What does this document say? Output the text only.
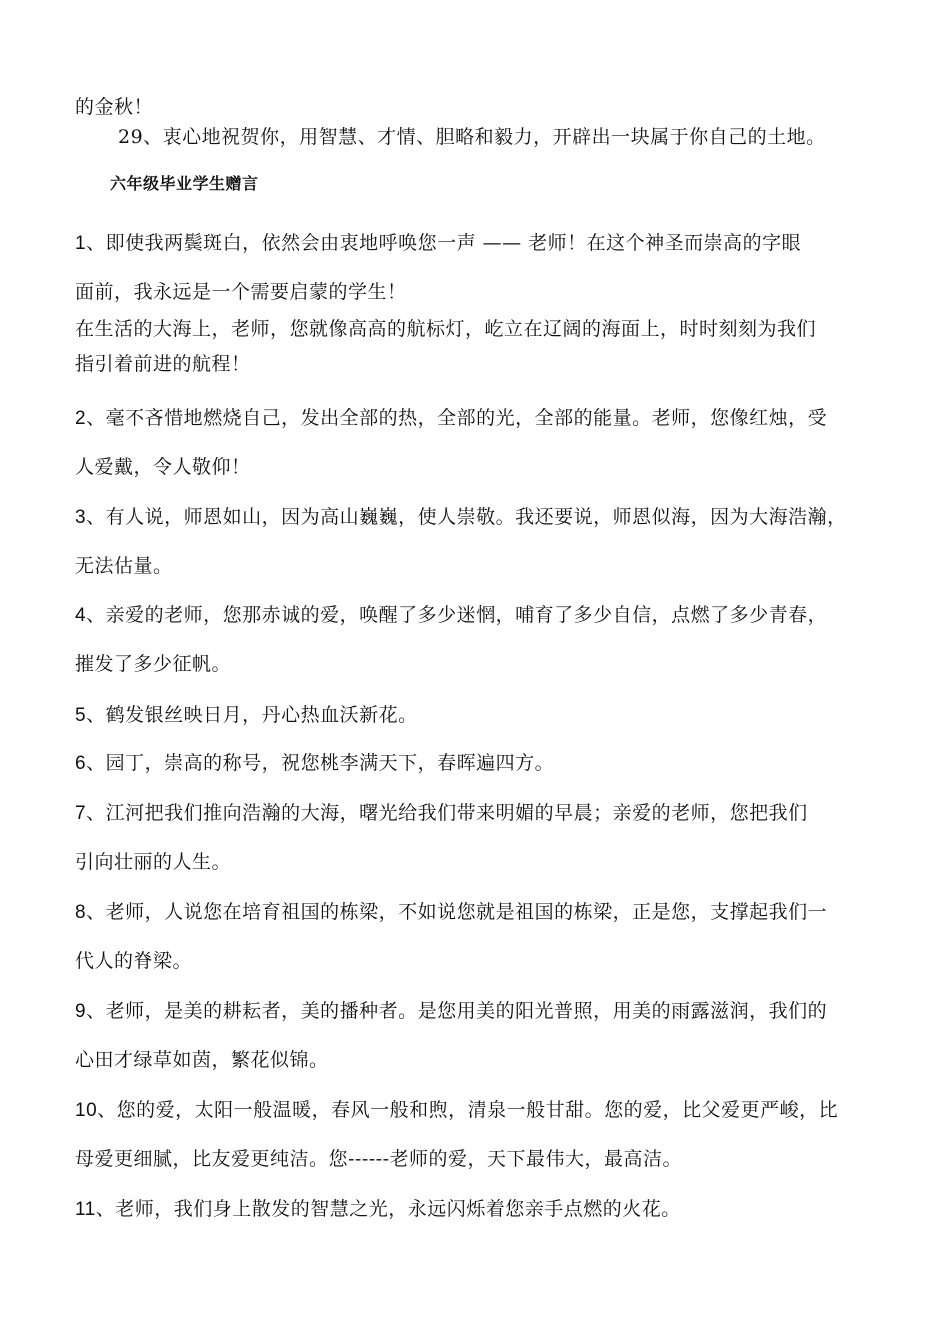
的金秋！
29、衷心地祝贺你，用智慧、才情、胆略和毅力，开辟出一块属于你自己的土地。
六年级毕业学生赠言
1、即使我两鬓斑白，依然会由衷地呼唤您一声 —— 老师！在这个神圣而崇高的字眼
面前，我永远是一个需要启蒙的学生！
在生活的大海上，老师，您就像高高的航标灯，屹立在辽阔的海面上，时时刻刻为我们
指引着前进的航程！
2、毫不吝惜地燃烧自己，发出全部的热，全部的光，全部的能量。老师，您像红烛，受
人爱戴，令人敬仰！
3、有人说，师恩如山，因为高山巍巍，使人崇敬。我还要说，师恩似海，因为大海浩瀚，
无法估量。
4、亲爱的老师，您那赤诚的爱，唤醒了多少迷惘，哺育了多少自信，点燃了多少青春，
摧发了多少征帆。
5、鹤发银丝映日月，丹心热血沃新花。
6、园丁，崇高的称号，祝您桃李满天下，春晖遍四方。
7、江河把我们推向浩瀚的大海，曙光给我们带来明媚的早晨；亲爱的老师，您把我们
引向壮丽的人生。
8、老师，人说您在培育祖国的栋梁，不如说您就是祖国的栋梁，正是您，支撑起我们一
代人的脊梁。
9、老师，是美的耕耘者，美的播种者。是您用美的阳光普照，用美的雨露滋润，我们的
心田才绿草如茵，繁花似锦。
10、您的爱，太阳一般温暖，春风一般和煦，清泉一般甘甜。您的爱，比父爱更严峻，比
母爱更细腻，比友爱更纯洁。您------老师的爱，天下最伟大，最高洁。
11、老师，我们身上散发的智慧之光，永远闪烁着您亲手点燃的火花。
